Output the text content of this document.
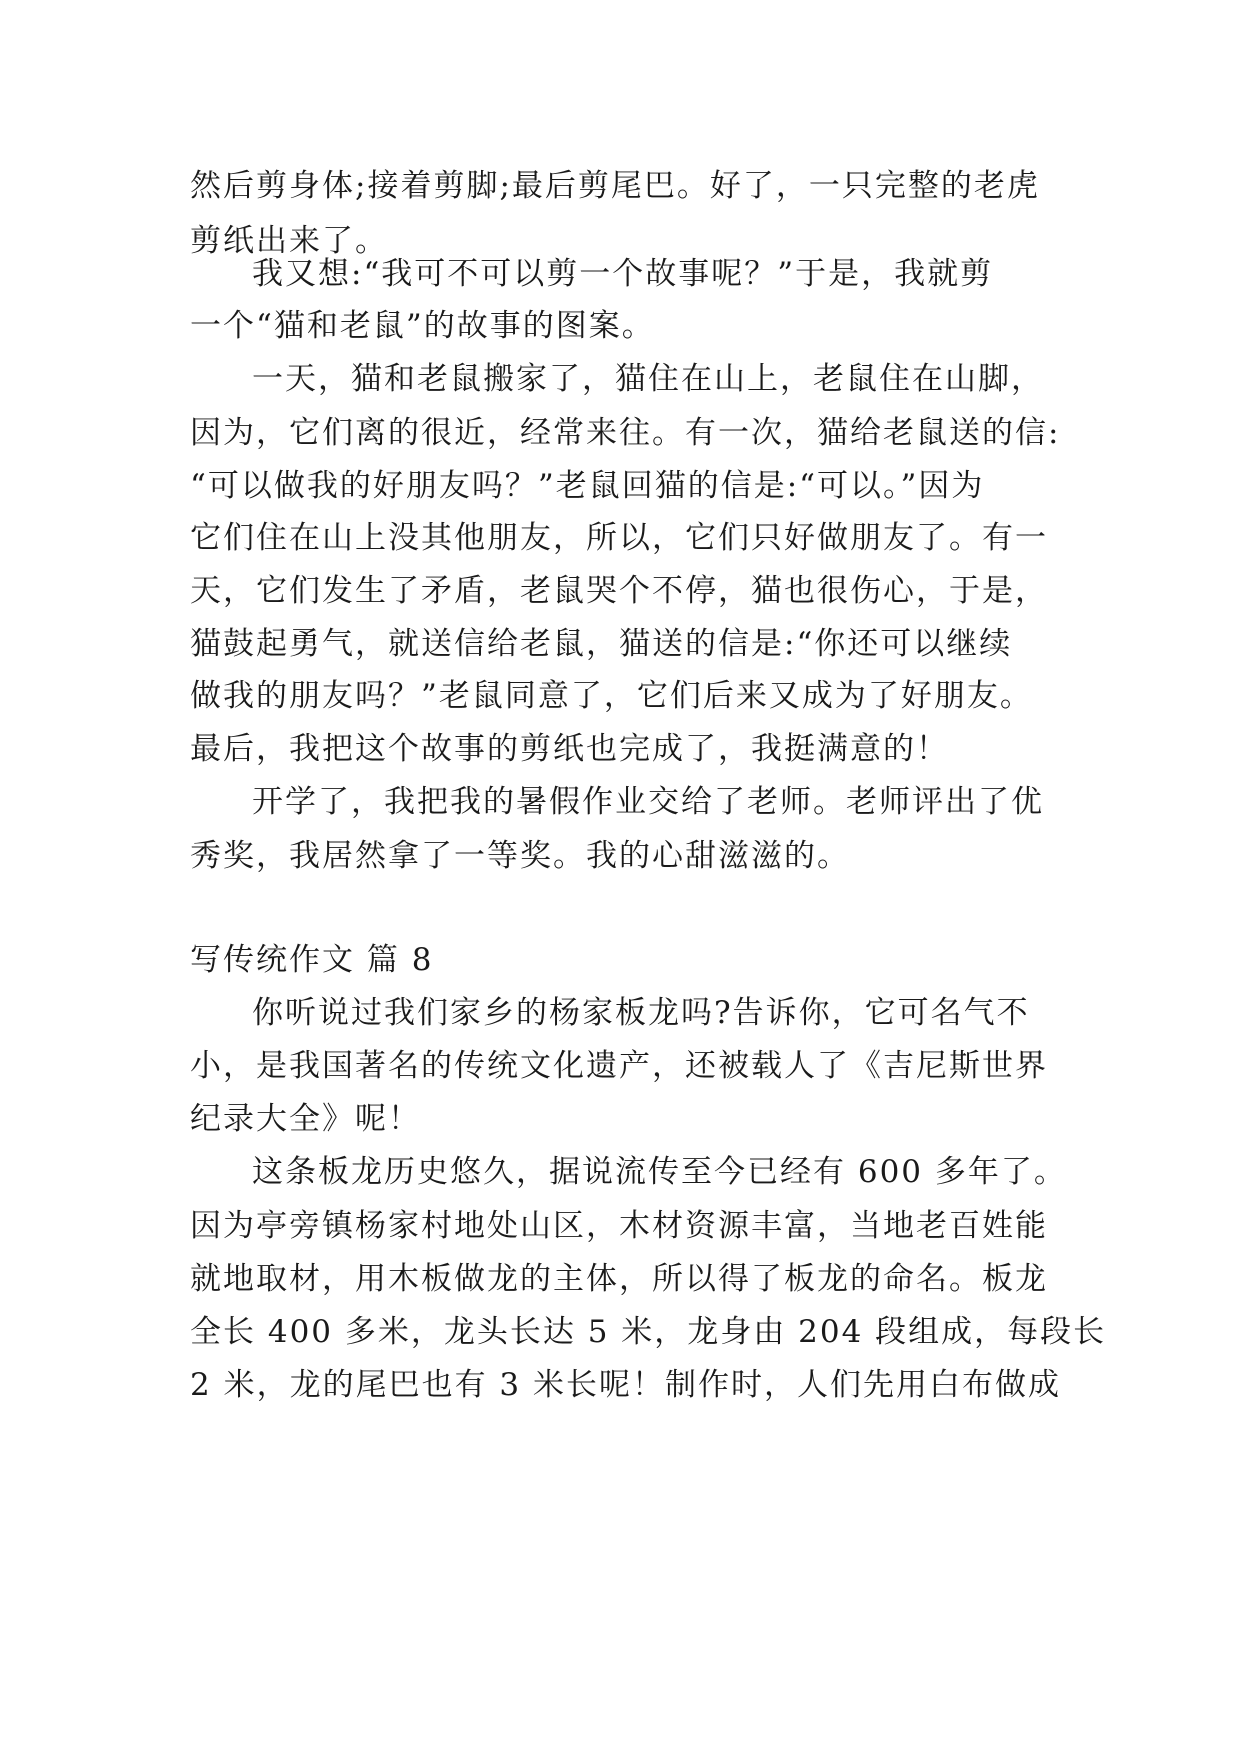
然后剪身体;接着剪脚;最后剪尾巴。好了，一只完整的老虎
剪纸出来了。
我又想:“我可不可以剪一个故事呢？”于是，我就剪
一个“猫和老鼠”的故事的图案。
一天，猫和老鼠搬家了，猫住在山上，老鼠住在山脚，
因为，它们离的很近，经常来往。有一次，猫给老鼠送的信:
“可以做我的好朋友吗？”老鼠回猫的信是:“可以。”因为
它们住在山上没其他朋友，所以，它们只好做朋友了。有一
天，它们发生了矛盾，老鼠哭个不停，猫也很伤心，于是，
猫鼓起勇气，就送信给老鼠，猫送的信是:“你还可以继续
做我的朋友吗？”老鼠同意了，它们后来又成为了好朋友。
最后，我把这个故事的剪纸也完成了，我挺满意的！
开学了，我把我的暑假作业交给了老师。老师评出了优
秀奖，我居然拿了一等奖。我的心甜滋滋的。
写传统作文 篇 8
你听说过我们家乡的杨家板龙吗?告诉你，它可名气不
小，是我国著名的传统文化遗产，还被载人了《吉尼斯世界
纪录大全》呢！
这条板龙历史悠久，据说流传至今已经有 600 多年了。
因为亭旁镇杨家村地处山区，木材资源丰富，当地老百姓能
就地取材，用木板做龙的主体，所以得了板龙的命名。板龙
全长 400 多米，龙头长达 5 米，龙身由 204 段组成，每段长
2 米，龙的尾巴也有 3 米长呢！制作时，人们先用白布做成
